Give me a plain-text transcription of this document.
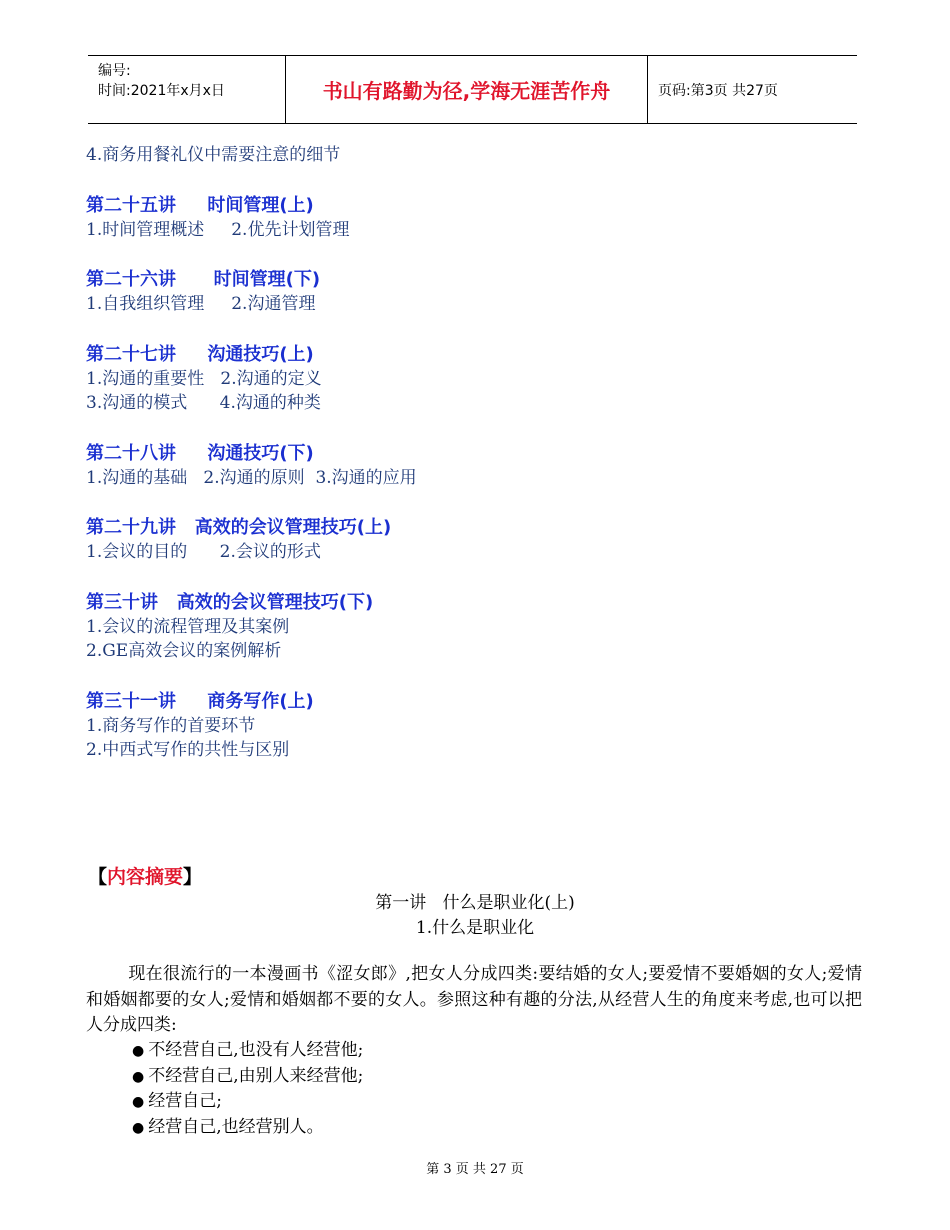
编号:
时间:2021年x月x日	书山有路勤为径,学海无涯苦作舟	页码:第3页 共27页
4.商务用餐礼仪中需要注意的细节
第二十五讲     时间管理(上)
1.时间管理概述     2.优先计划管理
第二十六讲      时间管理(下)
1.自我组织管理     2.沟通管理
第二十七讲     沟通技巧(上)
1.沟通的重要性   2.沟通的定义
3.沟通的模式      4.沟通的种类
第二十八讲     沟通技巧(下)
1.沟通的基础   2.沟通的原则  3.沟通的应用
第二十九讲   高效的会议管理技巧(上)
1.会议的目的      2.会议的形式
第三十讲   高效的会议管理技巧(下)
1.会议的流程管理及其案例
2.GE高效会议的案例解析
第三十一讲     商务写作(上)
1.商务写作的首要环节
2.中西式写作的共性与区别
【内容摘要】
第一讲   什么是职业化(上)
1.什么是职业化
现在很流行的一本漫画书《涩女郎》,把女人分成四类:要结婚的女人;要爱情不要婚姻的女人;爱情和婚姻都要的女人;爱情和婚姻都不要的女人。参照这种有趣的分法,从经营人生的角度来考虑,也可以把人分成四类:
● 不经营自己,也没有人经营他;
● 不经营自己,由别人来经营他;
● 经营自己;
● 经营自己,也经营别人。
第 3 页 共 27 页
